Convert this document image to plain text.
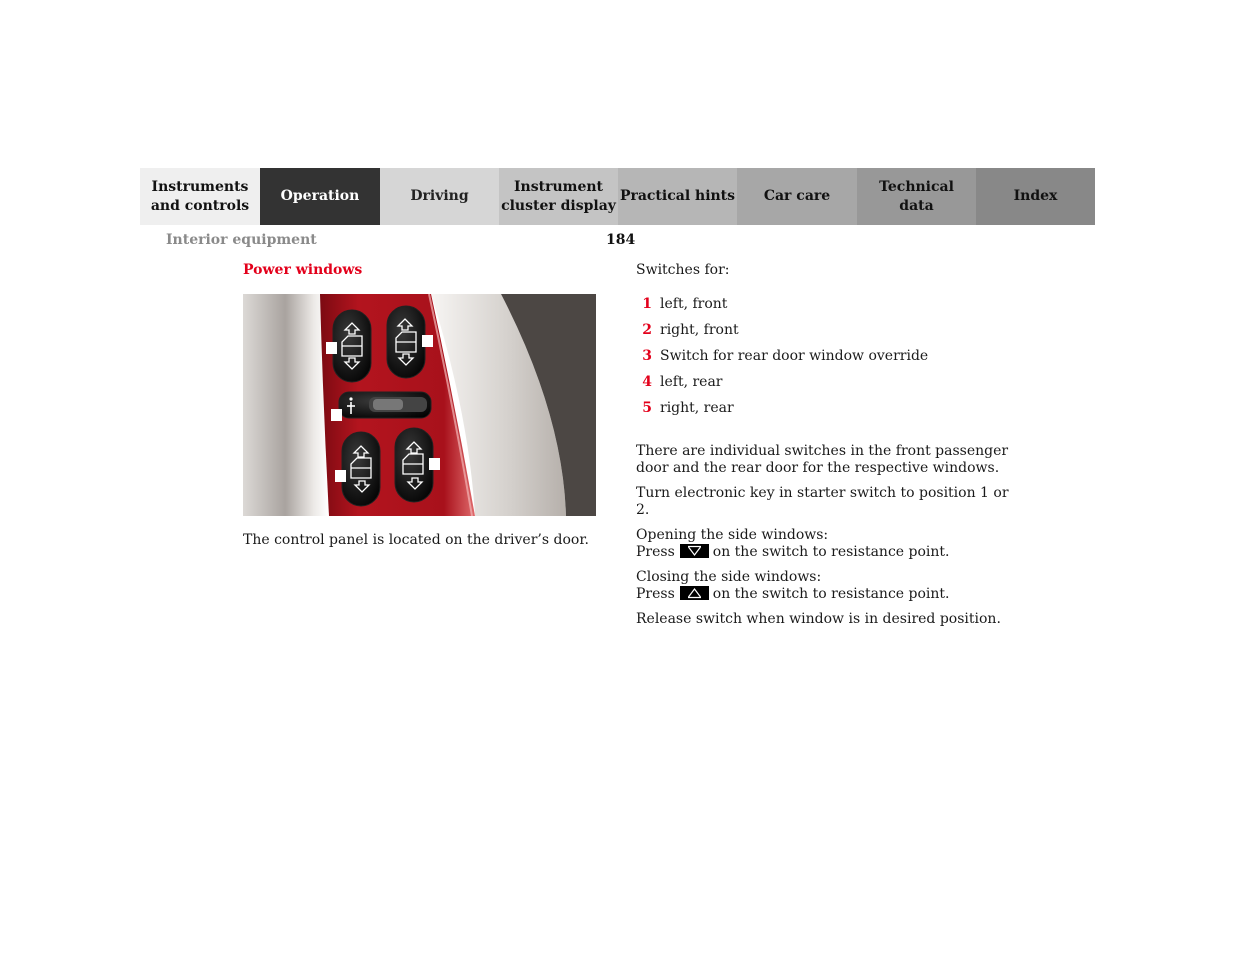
Instruments
and controls
Operation	Driving
Instrument
cluster display
Practical hints	Car care
Technical
data
Index
Interior equipment	184
Power windows
The control panel is located on the driver’s door.

Switches for:

1 left, front
2 right, front
3 Switch for rear door window override
4 left, rear
5 right, rear

There are individual switches in the front passenger door and the rear door for the respective windows.

Turn electronic key in starter switch to position 1 or 2.

Opening the side windows:

Press	on the switch to resistance point.

Closing the side windows:

Press	on the switch to resistance point.

Release switch when window is in desired position.
